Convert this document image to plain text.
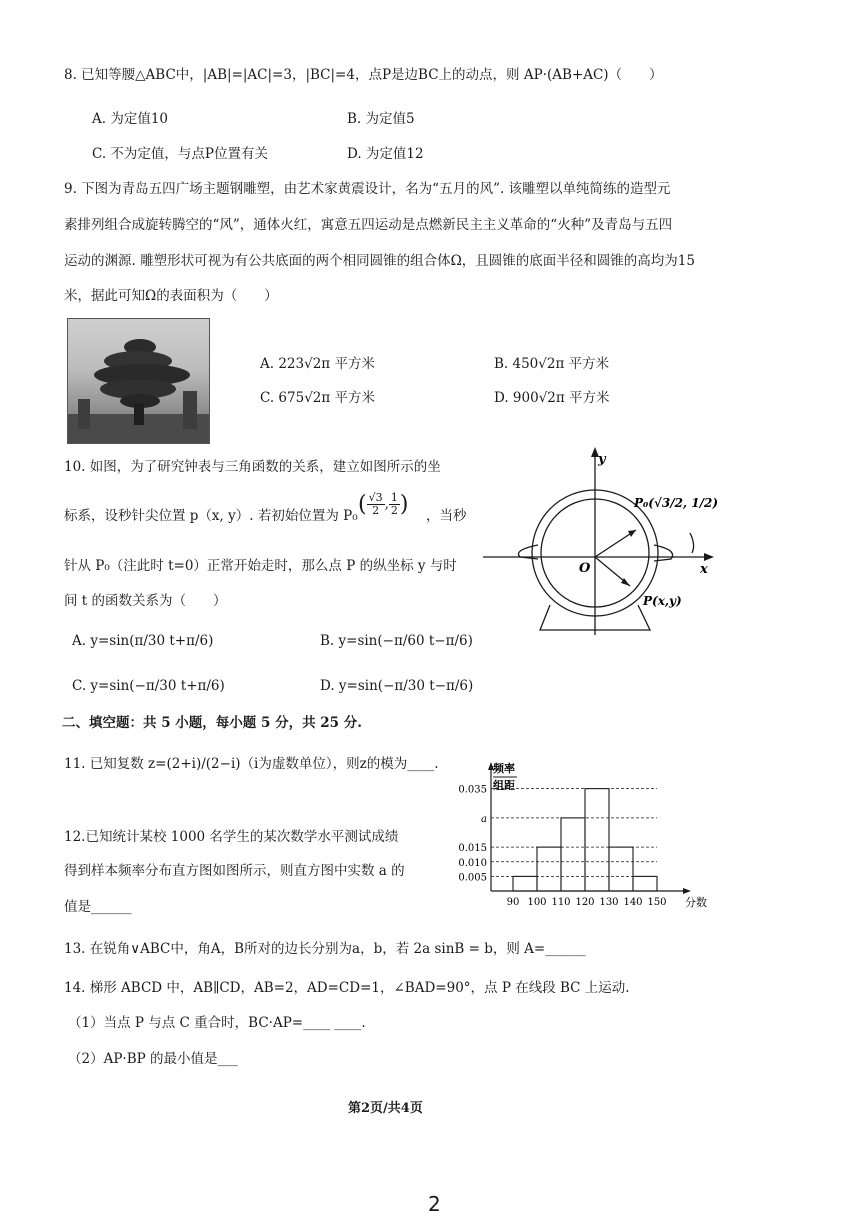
8. 已知等腰△ABC中，|AB|=|AC|=3，|BC|=4，点P是边BC上的动点，则 AP·(AB+AC)（　　）
A. 为定值10	B. 为定值5
C. 不为定值，与点P位置有关	D. 为定值12
9. 下图为青岛五四广场主题钢雕塑，由艺术家黄震设计，名为“五月的风”. 该雕塑以单纯简练的造型元
素排列组合成旋转腾空的“风”，通体火红，寓意五四运动是点燃新民主主义革命的“火种”及青岛与五四
运动的渊源. 雕塑形状可视为有公共底面的两个相同圆锥的组合体Ω，且圆锥的底面半径和圆锥的高均为15
米，据此可知Ω的表面积为（　　）
A. 223√2π 平方米	B. 450√2π 平方米
C. 675√2π 平方米	D. 900√2π 平方米
10. 如图，为了研究钟表与三角函数的关系，建立如图所示的坐
标系，设秒针尖位置 p（x, y）. 若初始位置为 P₀ ( $\frac{√3}{2}$ , $\frac{1}{2}$ ) ，当秒
针从 P₀（注此时 t=0）正常开始走时，那么点 P 的纵坐标 y 与时
间 t 的函数关系为（　　）
A. y=sin(π/30 t+π/6)	B. y=sin(−π/60 t−π/6)
C. y=sin(−π/30 t+π/6)	D. y=sin(−π/30 t−π/6)
y
x
O
P₀(√3/2, 1/2)
P(x,y)
二、填空题：共 5 小题，每小题 5 分，共 25 分.
11. 已知复数 z=(2+i)/(2−i)（i为虚数单位），则z的模为____.
12.已知统计某校 1000 名学生的某次数学水平测试成绩
得到样本频率分布直方图如图所示，则直方图中实数 a 的
值是______
频率
组距
分数
0.035
a
0.015
0.010
0.005
90 100 110 120 130 140 150
13. 在锐角∨ABC中，角A，B所对的边长分别为a，b，若 2a sinB = b，则 A=______
14. 梯形 ABCD 中，AB∥CD，AB=2，AD=CD=1，∠BAD=90°，点 P 在线段 BC 上运动.
（1）当点 P 与点 C 重合时，BC·AP=____ ____.
（2）AP·BP 的最小值是___
第2页/共4页
2
